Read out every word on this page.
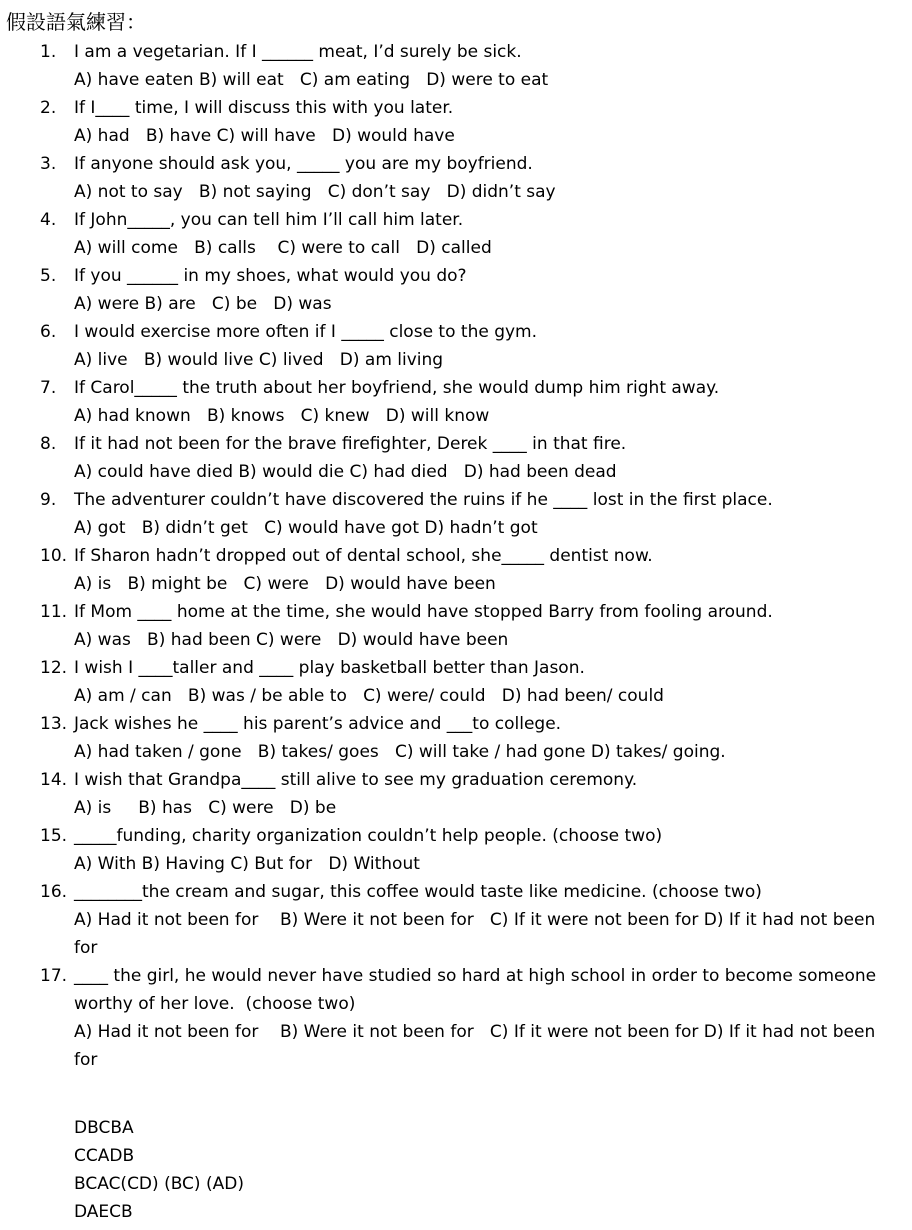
假設語氣練習：
1. I am a vegetarian. If I ______ meat, I’d surely be sick.
A) have eaten B) will eat   C) am eating   D) were to eat
2. If I____ time, I will discuss this with you later.
A) had   B) have C) will have   D) would have
3. If anyone should ask you, _____ you are my boyfriend.
A) not to say   B) not saying   C) don’t say   D) didn’t say
4. If John_____, you can tell him I’ll call him later.
A) will come   B) calls    C) were to call   D) called
5. If you ______ in my shoes, what would you do?
A) were B) are   C) be   D) was
6. I would exercise more often if I _____ close to the gym.
A) live   B) would live C) lived   D) am living
7. If Carol_____ the truth about her boyfriend, she would dump him right away.
A) had known   B) knows   C) knew   D) will know
8. If it had not been for the brave firefighter, Derek ____ in that fire.
A) could have died B) would die C) had died   D) had been dead
9. The adventurer couldn’t have discovered the ruins if he ____ lost in the first place.
A) got   B) didn’t get   C) would have got D) hadn’t got
10. If Sharon hadn’t dropped out of dental school, she_____ dentist now.
A) is   B) might be   C) were   D) would have been
11. If Mom ____ home at the time, she would have stopped Barry from fooling around.
A) was   B) had been C) were   D) would have been
12. I wish I ____taller and ____ play basketball better than Jason.
A) am / can   B) was / be able to   C) were/ could   D) had been/ could
13. Jack wishes he ____ his parent’s advice and ___to college.
A) had taken / gone   B) takes/ goes   C) will take / had gone D) takes/ going.
14. I wish that Grandpa____ still alive to see my graduation ceremony.
A) is     B) has   C) were   D) be
15. _____funding, charity organization couldn’t help people. (choose two)
A) With B) Having C) But for   D) Without
16. ________the cream and sugar, this coffee would taste like medicine. (choose two)
A) Had it not been for    B) Were it not been for   C) If it were not been for D) If it had not been for
17. ____ the girl, he would never have studied so hard at high school in order to become someone worthy of her love.  (choose two)
A) Had it not been for    B) Were it not been for   C) If it were not been for D) If it had not been for
DBCBA
CCADB
BCAC(CD) (BC) (AD)
DAECB
